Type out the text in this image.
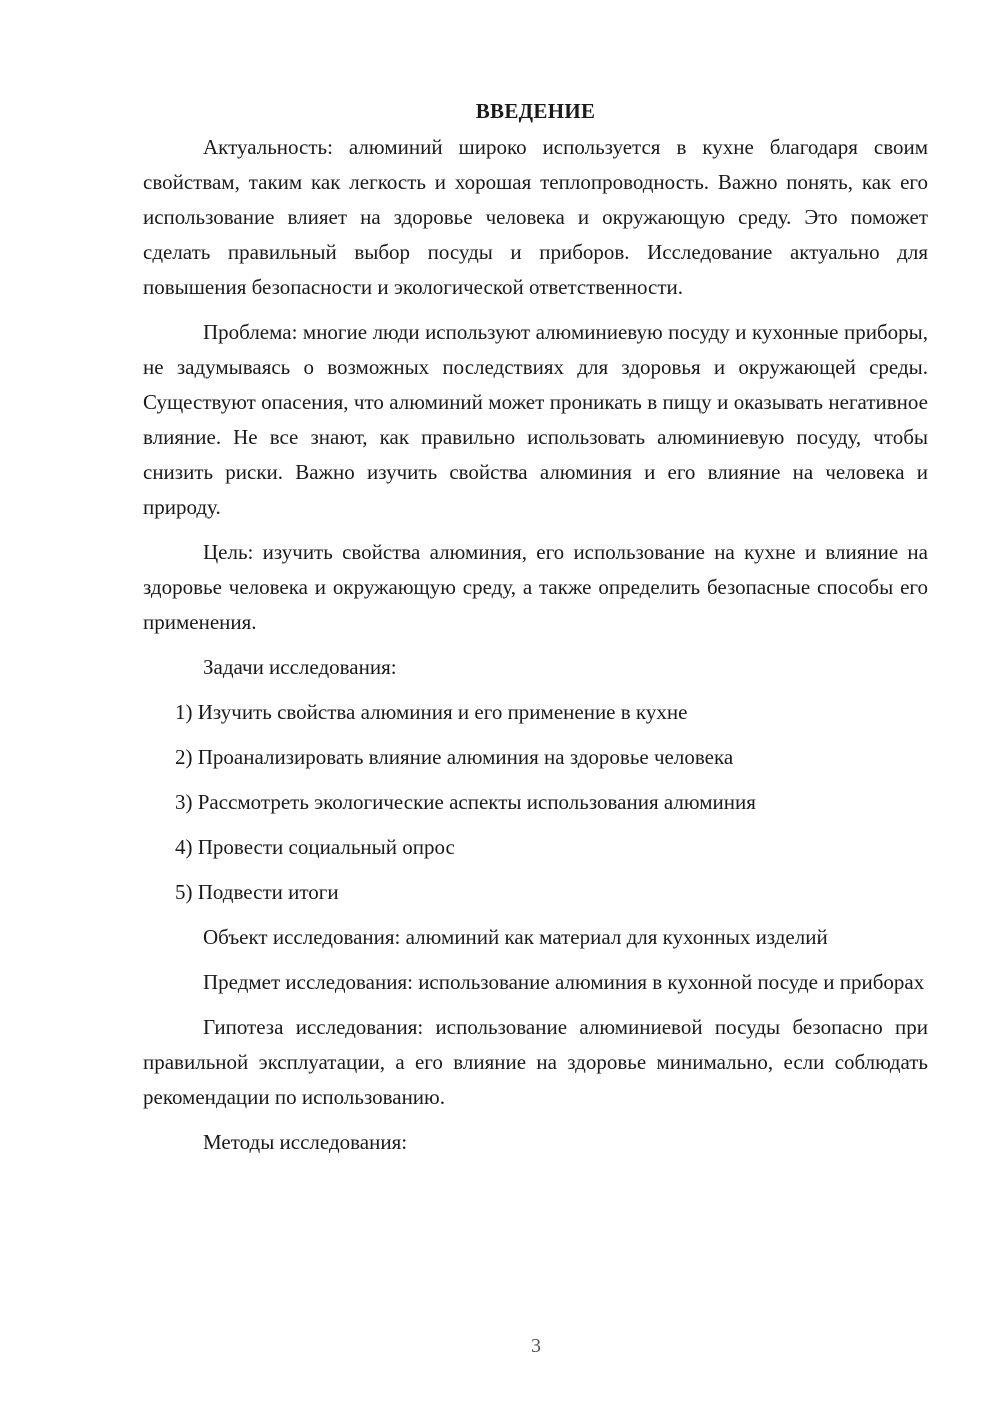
ВВЕДЕНИЕ

Актуальность: алюминий широко используется в кухне благодаря своим свойствам, таким как легкость и хорошая теплопроводность. Важно понять, как его использование влияет на здоровье человека и окружающую среду. Это поможет сделать правильный выбор посуды и приборов. Исследование актуально для повышения безопасности и экологической ответственности.

Проблема: многие люди используют алюминиевую посуду и кухонные приборы, не задумываясь о возможных последствиях для здоровья и окружающей среды. Существуют опасения, что алюминий может проникать в пищу и оказывать негативное влияние. Не все знают, как правильно использовать алюминиевую посуду, чтобы снизить риски. Важно изучить свойства алюминия и его влияние на человека и природу.

Цель: изучить свойства алюминия, его использование на кухне и влияние на здоровье человека и окружающую среду, а также определить безопасные способы его применения.

Задачи исследования:

1) Изучить свойства алюминия и его применение в кухне
2) Проанализировать влияние алюминия на здоровье человека
3) Рассмотреть экологические аспекты использования алюминия
4) Провести социальный опрос
5) Подвести итоги

Объект исследования: алюминий как материал для кухонных изделий

Предмет исследования: использование алюминия в кухонной посуде и приборах

Гипотеза исследования: использование алюминиевой посуды безопасно при правильной эксплуатации, а его влияние на здоровье минимально, если соблюдать рекомендации по использованию.

Методы исследования:

3
